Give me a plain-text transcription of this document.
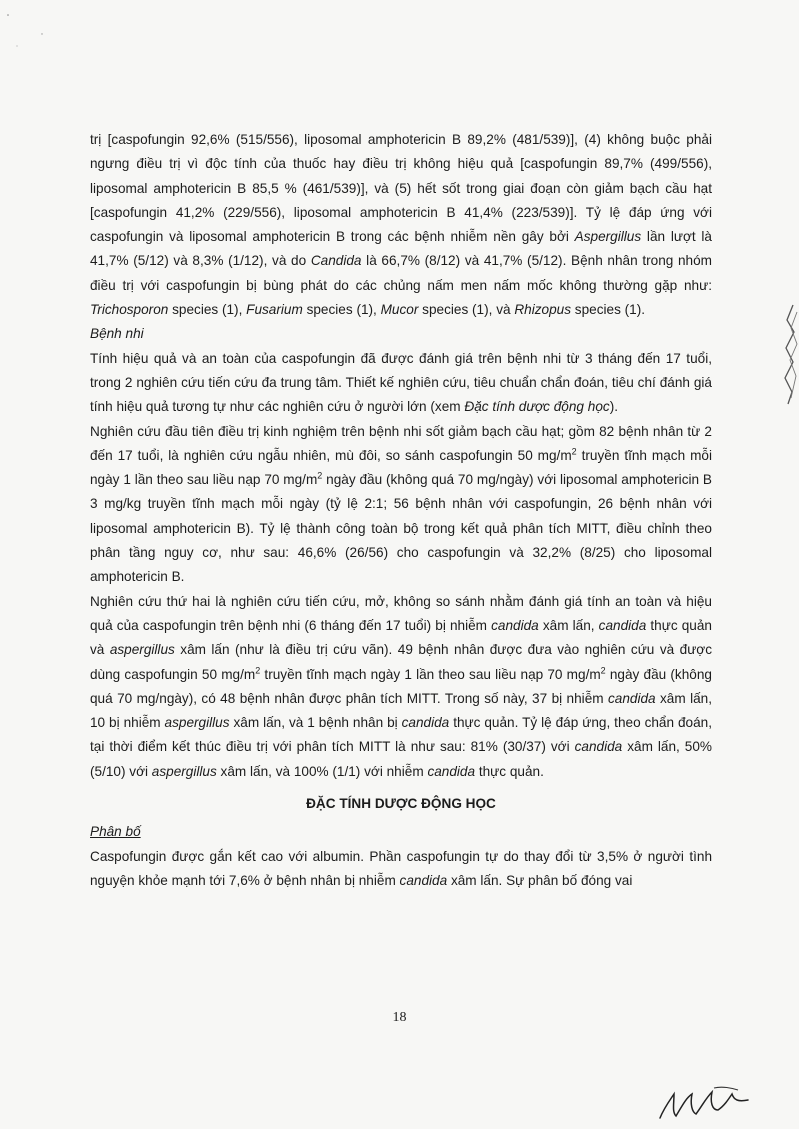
trị [caspofungin 92,6% (515/556), liposomal amphotericin B 89,2% (481/539)], (4) không buộc phải ngưng điều trị vì độc tính của thuốc hay điều trị không hiệu quả [caspofungin 89,7% (499/556), liposomal amphotericin B 85,5 % (461/539)], và (5) hết sốt trong giai đoạn còn giảm bạch cầu hạt [caspofungin 41,2% (229/556), liposomal amphotericin B 41,4% (223/539)]. Tỷ lệ đáp ứng với caspofungin và liposomal amphotericin B trong các bệnh nhiễm nền gây bởi Aspergillus lần lượt là 41,7% (5/12) và 8,3% (1/12), và do Candida là 66,7% (8/12) và 41,7% (5/12). Bệnh nhân trong nhóm điều trị với caspofungin bị bùng phát do các chủng nấm men nấm mốc không thường gặp như: Trichosporon species (1), Fusarium species (1), Mucor species (1), và Rhizopus species (1).

Bệnh nhi

Tính hiệu quả và an toàn của caspofungin đã được đánh giá trên bệnh nhi từ 3 tháng đến 17 tuổi, trong 2 nghiên cứu tiến cứu đa trung tâm. Thiết kế nghiên cứu, tiêu chuẩn chẩn đoán, tiêu chí đánh giá tính hiệu quả tương tự như các nghiên cứu ở người lớn (xem Đặc tính dược động học).

Nghiên cứu đầu tiên điều trị kinh nghiệm trên bệnh nhi sốt giảm bạch cầu hạt; gồm 82 bệnh nhân từ 2 đến 17 tuổi, là nghiên cứu ngẫu nhiên, mù đôi, so sánh caspofungin 50 $mg/m^2$ truyền tĩnh mạch mỗi ngày 1 lần theo sau liều nạp 70 $mg/m^2$ ngày đầu (không quá 70 mg/ngày) với liposomal amphotericin B 3 mg/kg truyền tĩnh mạch mỗi ngày (tỷ lệ 2:1; 56 bệnh nhân với caspofungin, 26 bệnh nhân với liposomal amphotericin B). Tỷ lệ thành công toàn bộ trong kết quả phân tích MITT, điều chỉnh theo phân tầng nguy cơ, như sau: 46,6% (26/56) cho caspofungin và 32,2% (8/25) cho liposomal amphotericin B.

Nghiên cứu thứ hai là nghiên cứu tiến cứu, mở, không so sánh nhằm đánh giá tính an toàn và hiệu quả của caspofungin trên bệnh nhi (6 tháng đến 17 tuổi) bị nhiễm candida xâm lấn, candida thực quản và aspergillus xâm lấn (như là điều trị cứu vãn). 49 bệnh nhân được đưa vào nghiên cứu và được dùng caspofungin 50 $mg/m^2$ truyền tĩnh mạch ngày 1 lần theo sau liều nạp 70 $mg/m^2$ ngày đầu (không quá 70 mg/ngày), có 48 bệnh nhân được phân tích MITT. Trong số này, 37 bị nhiễm candida xâm lấn, 10 bị nhiễm aspergillus xâm lấn, và 1 bệnh nhân bị candida thực quản. Tỷ lệ đáp ứng, theo chẩn đoán, tại thời điểm kết thúc điều trị với phân tích MITT là như sau: 81% (30/37) với candida xâm lấn, 50% (5/10) với aspergillus xâm lấn, và 100% (1/1) với nhiễm candida thực quản.

ĐẶC TÍNH DƯỢC ĐỘNG HỌC

Phân bố

Caspofungin được gắn kết cao với albumin. Phần caspofungin tự do thay đổi từ 3,5% ở người tình nguyện khỏe mạnh tới 7,6% ở bệnh nhân bị nhiễm candida xâm lấn. Sự phân bố đóng vai

18
